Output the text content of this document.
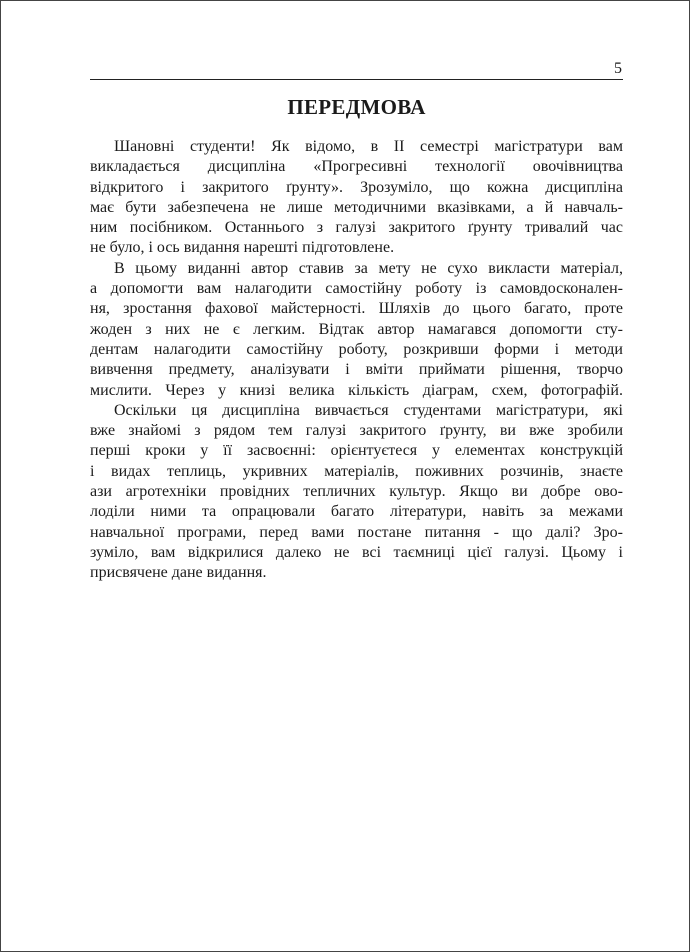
5
ПЕРЕДМОВА
Шановні студенти! Як відомо, в ІІ семестрі магістратури вам
викладається дисципліна «Прогресивні технології овочівництва
відкритого і закритого ґрунту». Зрозуміло, що кожна дисципліна
має бути забезпечена не лише методичними вказівками, а й навчаль-
ним посібником. Останнього з галузі закритого ґрунту тривалий час
не було, і ось видання нарешті підготовлене.
В цьому виданні автор ставив за мету не сухо викласти матеріал,
а допомогти вам налагодити самостійну роботу із самовдосконален-
ня, зростання фахової майстерності. Шляхів до цього багато, проте
жоден з них не є легким. Відтак автор намагався допомогти сту-
дентам налагодити самостійну роботу, розкривши форми і методи
вивчення предмету, аналізувати і вміти приймати рішення, творчо
мислити. Через у книзі велика кількість діаграм, схем, фотографій.
Оскільки ця дисципліна вивчається студентами магістратури, які
вже знайомі з рядом тем галузі закритого ґрунту, ви вже зробили
перші кроки у її засвоєнні: орієнтуєтеся у елементах конструкцій
і видах теплиць, укривних матеріалів, поживних розчинів, знаєте
ази агротехніки провідних тепличних культур. Якщо ви добре ово-
лоділи ними та опрацювали багато літератури, навіть за межами
навчальної програми, перед вами постане питання - що далі? Зро-
зуміло, вам відкрилися далеко не всі таємниці цієї галузі. Цьому і
присвячене дане видання.
